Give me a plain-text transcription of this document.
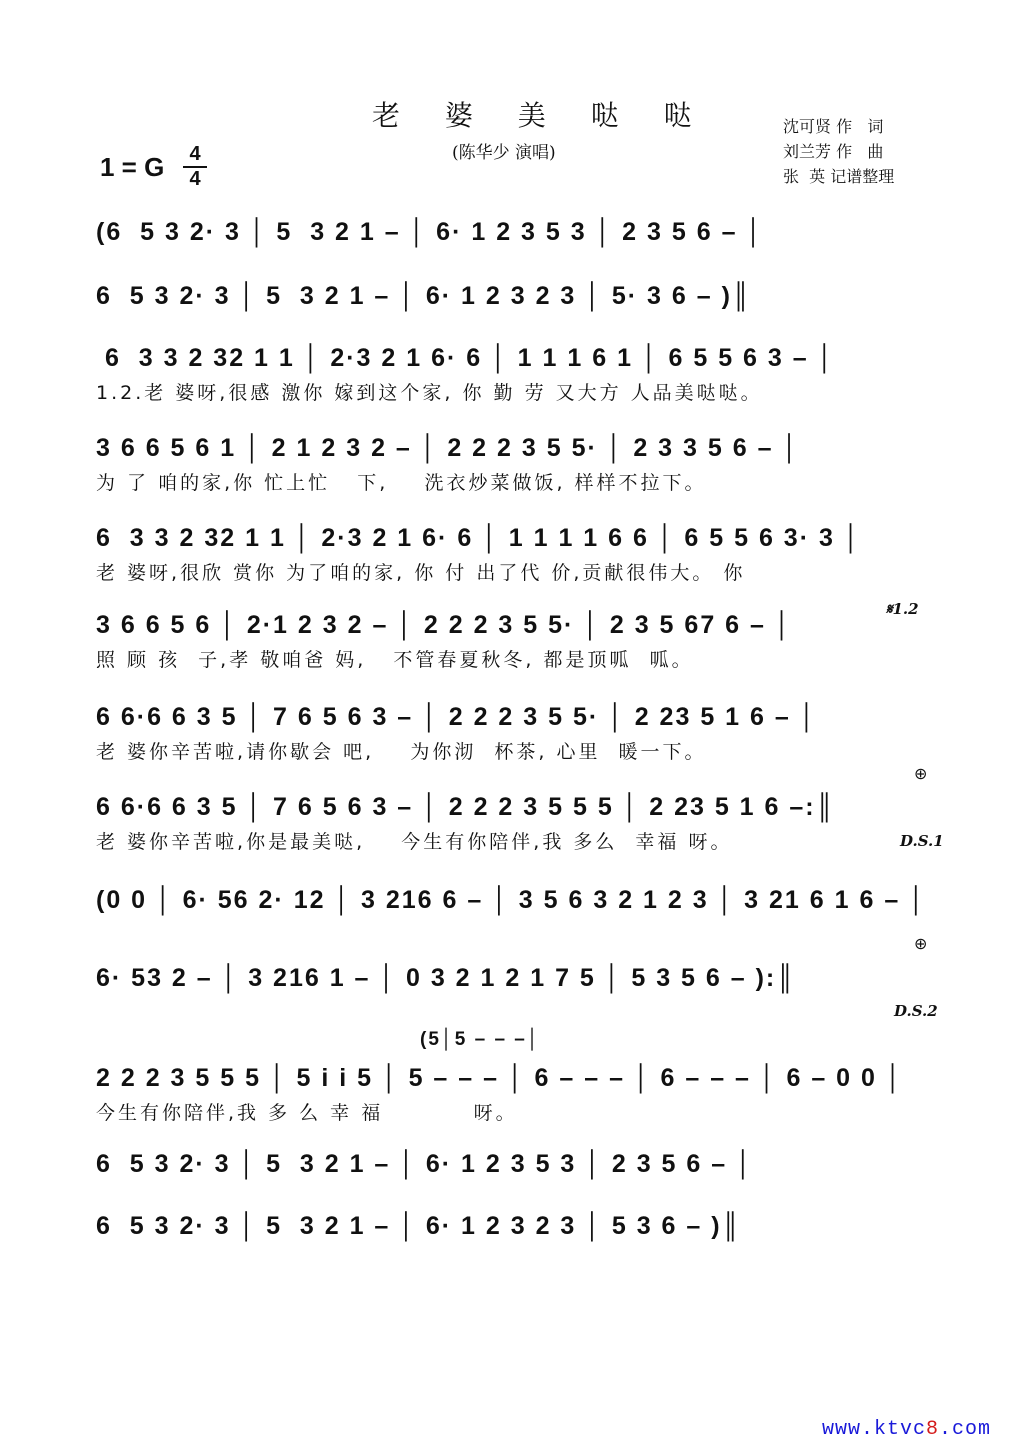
老 婆 美 哒 哒
(陈华少 演唱)
沈可贤 作   词
刘兰芳 作   曲
张  英 记谱整理
1 = G	4
4
(6  5 3 2· 3 │ 5  3 2 1 – │ 6· 1 2 3 5 3 │ 2 3 5 6 – │
6  5 3 2· 3 │ 5  3 2 1 – │ 6· 1 2 3 2 3 │ 5· 3 6 – )║
6  3 3 2 32 1 1 │ 2·3 2 1 6· 6 │ 1 1 1 6 1 │ 6 5 5 6 3 – │
1.2.老 婆呀,很感 激你 嫁到这个家, 你 勤 劳 又大方 人品美哒哒。
3 6 6 5 6 1 │ 2 1 2 3 2 – │ 2 2 2 3 5 5· │ 2 3 3 5 6 – │
为 了 咱的家,你 忙上忙   下,    洗衣炒菜做饭, 样样不拉下。
6  3 3 2 32 1 1 │ 2·3 2 1 6· 6 │ 1 1 1 1 6 6 │ 6 5 5 6 3· 3 │
老 婆呀,很欣 赏你 为了咱的家, 你 付 出了代 价,贡献很伟大。 你
3 6 6 5 6 │ 2·1 2 3 2 – │ 2 2 2 3 5 5· │ 2 3 5 67 6 – │
照 顾 孩  子,孝 敬咱爸 妈,   不管春夏秋冬, 都是顶呱  呱。
6 6·6 6 3 5 │ 7 6 5 6 3 – │ 2 2 2 3 5 5· │ 2 23 5 1 6 – │
老 婆你辛苦啦,请你歇会 吧,    为你沏  杯茶, 心里  暖一下。
6 6·6 6 3 5 │ 7 6 5 6 3 – │ 2 2 2 3 5 5 5 │ 2 23 5 1 6 –:║
老 婆你辛苦啦,你是最美哒,    今生有你陪伴,我 多么  幸福 呀。
(0 0 │ 6· 56 2· 12 │ 3 216 6 – │ 3 5 6 3 2 1 2 3 │ 3 21 6 1 6 – │
6· 53 2 – │ 3 216 1 – │ 0 3 2 1 2 1 7 5 │ 5 3 5 6 – ):║
(5│5 – – –│
2 2 2 3 5 5 5 │ 5 i i 5 │ 5 – – – │ 6 – – – │ 6 – – – │ 6 – 0 0 │
今生有你陪伴,我 多 么 幸 福          呀。
6  5 3 2· 3 │ 5  3 2 1 – │ 6· 1 2 3 5 3 │ 2 3 5 6 – │
6  5 3 2· 3 │ 5  3 2 1 – │ 6· 1 2 3 2 3 │ 5 3 6 – )║
𝄋1.2
⊕
D.S.1
⊕
D.S.2
www.ktvc8.com
